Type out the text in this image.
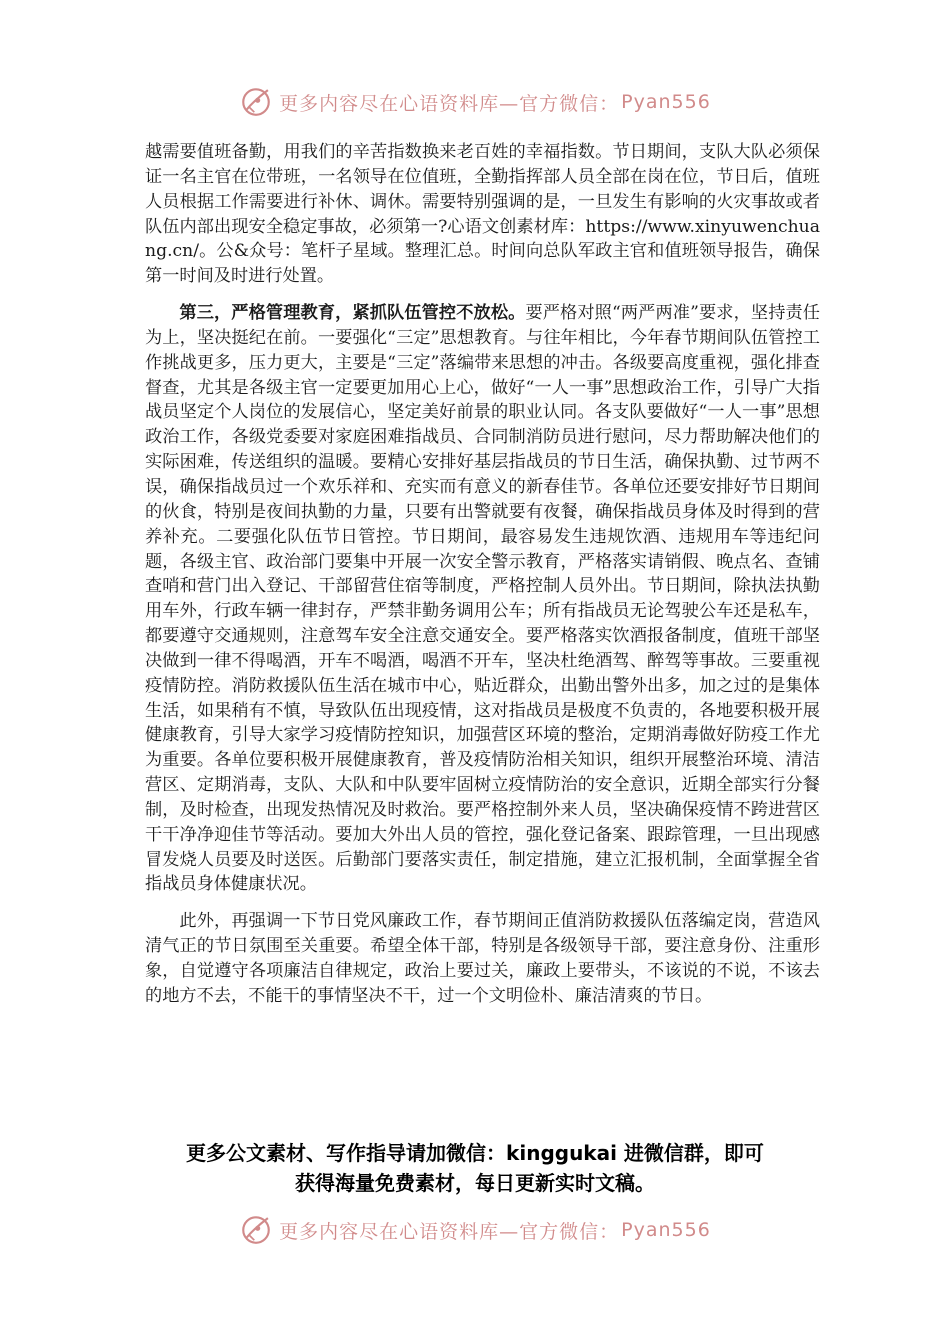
更多内容尽在心语资料库—官方微信： Pyan556

越需要值班备勤，用我们的辛苦指数换来老百姓的幸福指数。节日期间，支队大队必须保证一名主官在位带班，一名领导在位值班，全勤指挥部人员全部在岗在位，节日后，值班人员根据工作需要进行补休、调休。需要特别强调的是，一旦发生有影响的火灾事故或者队伍内部出现安全稳定事故，必须第一?心语文创素材库：https://www.xinyuwenchuang.cn/。公&众号：笔杆子星域。整理汇总。时间向总队军政主官和值班领导报告，确保第一时间及时进行处置。

第三，严格管理教育，紧抓队伍管控不放松。要严格对照“两严两准”要求，坚持责任为上，坚决挺纪在前。一要强化“三定”思想教育。与往年相比，今年春节期间队伍管控工作挑战更多，压力更大，主要是“三定”落编带来思想的冲击。各级要高度重视，强化排查督查，尤其是各级主官一定要更加用心上心，做好“一人一事”思想政治工作，引导广大指战员坚定个人岗位的发展信心，坚定美好前景的职业认同。各支队要做好“一人一事”思想政治工作，各级党委要对家庭困难指战员、合同制消防员进行慰问，尽力帮助解决他们的实际困难，传送组织的温暖。要精心安排好基层指战员的节日生活，确保执勤、过节两不误，确保指战员过一个欢乐祥和、充实而有意义的新春佳节。各单位还要安排好节日期间的伙食，特别是夜间执勤的力量，只要有出警就要有夜餐，确保指战员身体及时得到的营养补充。二要强化队伍节日管控。节日期间，最容易发生违规饮酒、违规用车等违纪问题，各级主官、政治部门要集中开展一次安全警示教育，严格落实请销假、晚点名、查铺查哨和营门出入登记、干部留营住宿等制度，严格控制人员外出。节日期间，除执法执勤用车外，行政车辆一律封存，严禁非勤务调用公车；所有指战员无论驾驶公车还是私车，都要遵守交通规则，注意驾车安全注意交通安全。要严格落实饮酒报备制度，值班干部坚决做到一律不得喝酒，开车不喝酒，喝酒不开车，坚决杜绝酒驾、醉驾等事故。三要重视疫情防控。消防救援队伍生活在城市中心，贴近群众，出勤出警外出多，加之过的是集体生活，如果稍有不慎，导致队伍出现疫情，这对指战员是极度不负责的，各地要积极开展健康教育，引导大家学习疫情防控知识，加强营区环境的整治，定期消毒做好防疫工作尤为重要。各单位要积极开展健康教育，普及疫情防治相关知识，组织开展整治环境、清洁营区、定期消毒，支队、大队和中队要牢固树立疫情防治的安全意识，近期全部实行分餐制，及时检查，出现发热情况及时救治。要严格控制外来人员，坚决确保疫情不跨进营区干干净净迎佳节等活动。要加大外出人员的管控，强化登记备案、跟踪管理，一旦出现感冒发烧人员要及时送医。后勤部门要落实责任，制定措施，建立汇报机制，全面掌握全省指战员身体健康状况。

此外，再强调一下节日党风廉政工作，春节期间正值消防救援队伍落编定岗，营造风清气正的节日氛围至关重要。希望全体干部，特别是各级领导干部，要注意身份、注重形象，自觉遵守各项廉洁自律规定，政治上要过关，廉政上要带头，不该说的不说，不该去的地方不去，不能干的事情坚决不干，过一个文明俭朴、廉洁清爽的节日。

更多公文素材、写作指导请加微信：kinggukai 进微信群，即可
获得海量免费素材，每日更新实时文稿。
更多内容尽在心语资料库—官方微信： Pyan556
